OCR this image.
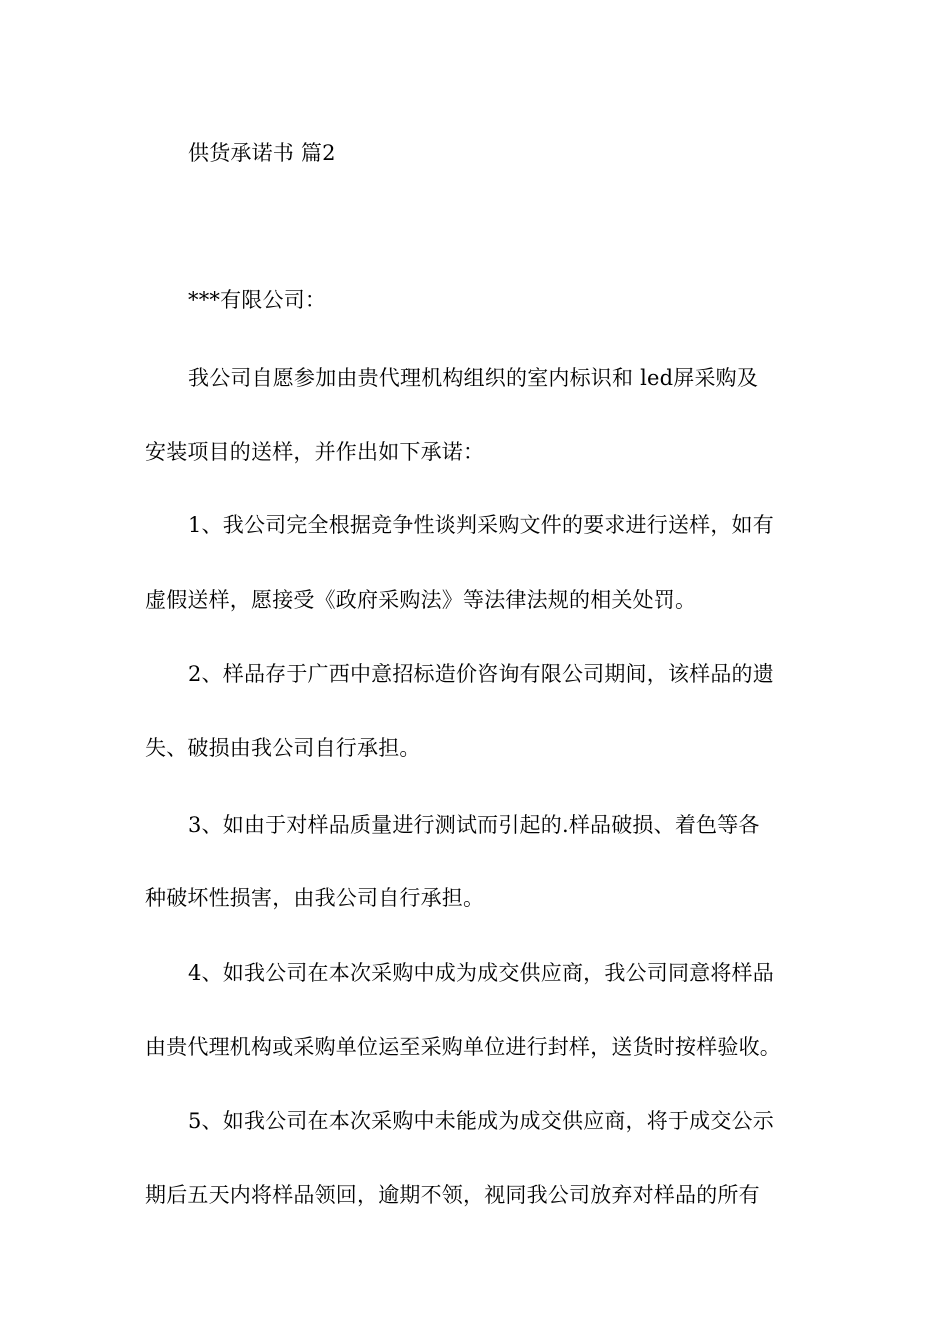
供货承诺书 篇2
***有限公司：
我公司自愿参加由贵代理机构组织的室内标识和 led屏采购及
安装项目的送样，并作出如下承诺：
1、我公司完全根据竞争性谈判采购文件的要求进行送样，如有
虚假送样，愿接受《政府采购法》等法律法规的相关处罚。
2、样品存于广西中意招标造价咨询有限公司期间，该样品的遗
失、破损由我公司自行承担。
3、如由于对样品质量进行测试而引起的.样品破损、着色等各
种破坏性损害，由我公司自行承担。
4、如我公司在本次采购中成为成交供应商，我公司同意将样品
由贵代理机构或采购单位运至采购单位进行封样，送货时按样验收。
5、如我公司在本次采购中未能成为成交供应商，将于成交公示
期后五天内将样品领回，逾期不领，视同我公司放弃对样品的所有
